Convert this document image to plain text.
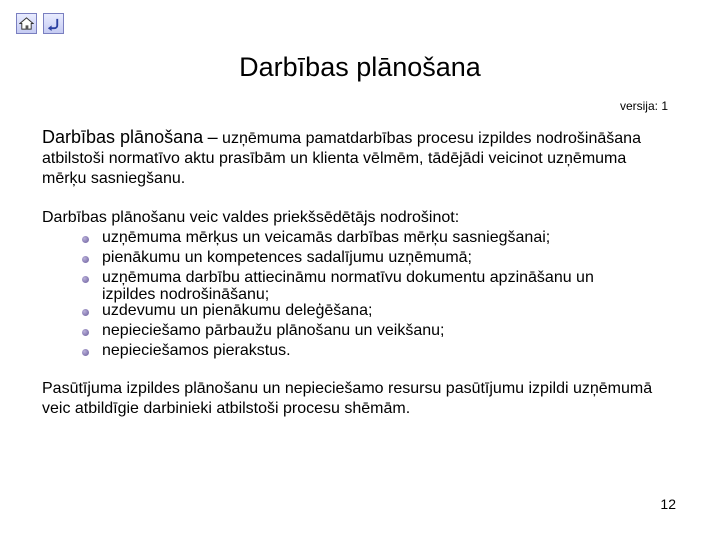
Darbības plānošana
versija: 1

Darbības plānošana – uzņēmuma pamatdarbības procesu izpildes nodrošināšana atbilstoši normatīvo aktu prasībām un klienta vēlmēm, tādējādi veicinot uzņēmuma mērķu sasniegšanu.

Darbības plānošanu veic valdes priekšsēdētājs nodrošinot:

uzņēmuma mērķus un veicamās darbības mērķu sasniegšanai;
pienākumu un kompetences sadalījumu uzņēmumā;
uzņēmuma darbību attiecināmu normatīvu dokumentu apzināšanu un
izpildes nodrošināšanu;
uzdevumu un pienākumu deleģēšana;
nepieciešamo pārbaužu plānošanu un veikšanu;
nepieciešamos pierakstus.

Pasūtījuma izpildes plānošanu un nepieciešamo resursu pasūtījumu izpildi uzņēmumā veic atbildīgie darbinieki atbilstoši procesu shēmām.

12
